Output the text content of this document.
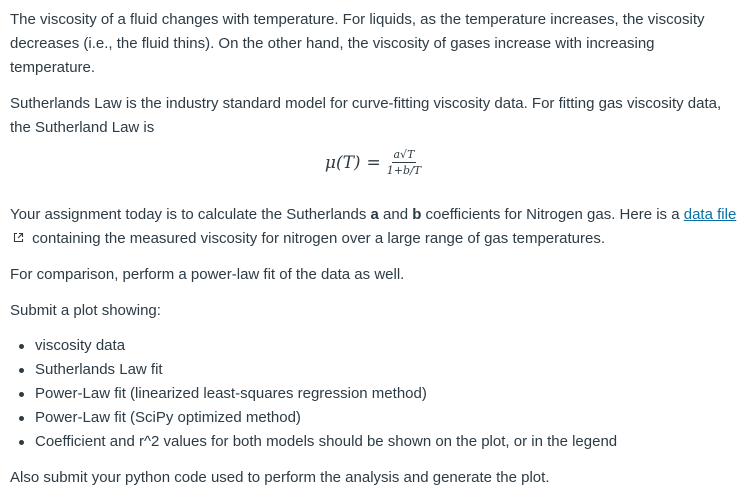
The viscosity of a fluid changes with temperature. For liquids, as the temperature increases, the viscosity decreases (i.e., the fluid thins). On the other hand, the viscosity of gases increase with increasing temperature.

Sutherlands Law is the industry standard model for curve-fitting viscosity data. For fitting gas viscosity data, the Sutherland Law is

$\mu(T) = \frac{a√T}{1+b/T}$

Your assignment today is to calculate the Sutherlands a and b coefficients for Nitrogen gas. Here is a data file containing the measured viscosity for nitrogen over a large range of gas temperatures.

For comparison, perform a power-law fit of the data as well.

Submit a plot showing:

viscosity data
Sutherlands Law fit
Power-Law fit (linearized least-squares regression method)
Power-Law fit (SciPy optimized method)
Coefficient and r^2 values for both models should be shown on the plot, or in the legend

Also submit your python code used to perform the analysis and generate the plot.
